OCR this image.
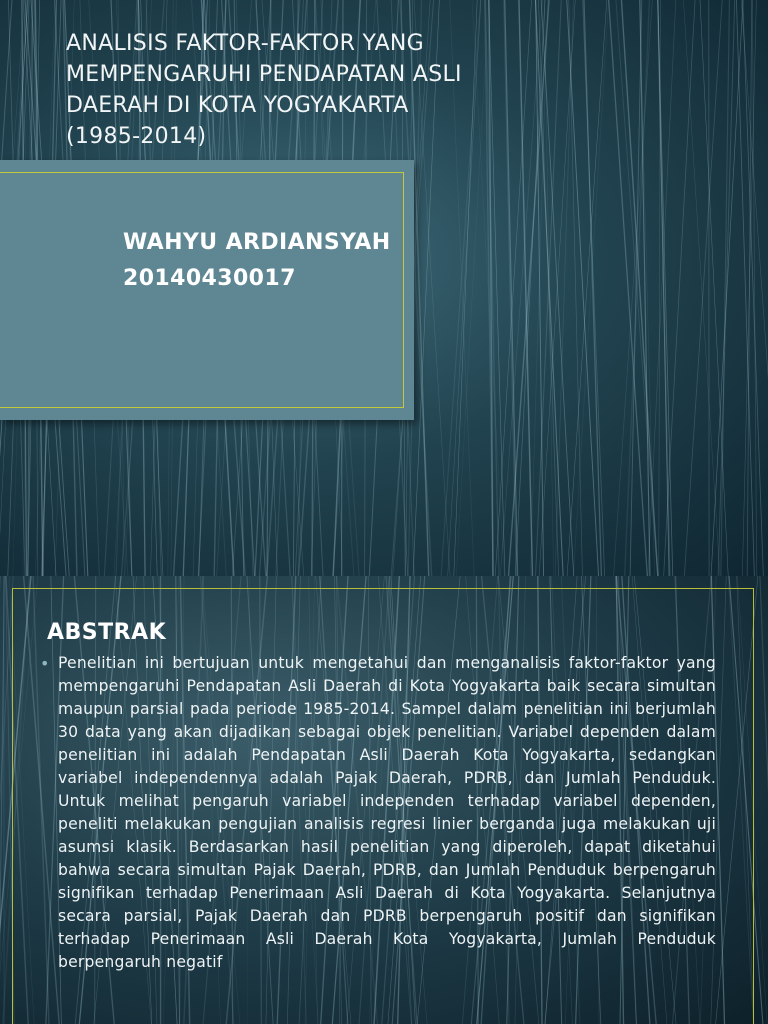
ANALISIS FAKTOR-FAKTOR YANG
MEMPENGARUHI PENDAPATAN ASLI
DAERAH DI KOTA YOGYAKARTA
(1985-2014)

WAHYU ARDIANSYAH

20140430017

ABSTRAK
• Penelitian ini bertujuan untuk mengetahui dan menganalisis faktor-faktor yang mempengaruhi Pendapatan Asli Daerah di Kota Yogyakarta baik secara simultan maupun parsial pada periode 1985-2014. Sampel dalam penelitian ini berjumlah 30 data yang akan dijadikan sebagai objek penelitian. Variabel dependen dalam penelitian ini adalah Pendapatan Asli Daerah Kota Yogyakarta, sedangkan variabel independennya adalah Pajak Daerah, PDRB, dan Jumlah Penduduk. Untuk melihat pengaruh variabel independen terhadap variabel dependen, peneliti melakukan pengujian analisis regresi linier berganda juga melakukan uji asumsi klasik. Berdasarkan hasil penelitian yang diperoleh, dapat diketahui bahwa secara simultan Pajak Daerah, PDRB, dan Jumlah Penduduk berpengaruh signifikan terhadap Penerimaan Asli Daerah di Kota Yogyakarta. Selanjutnya secara parsial, Pajak Daerah dan PDRB berpengaruh positif dan signifikan terhadap Penerimaan Asli Daerah Kota Yogyakarta, Jumlah Penduduk berpengaruh negatif
